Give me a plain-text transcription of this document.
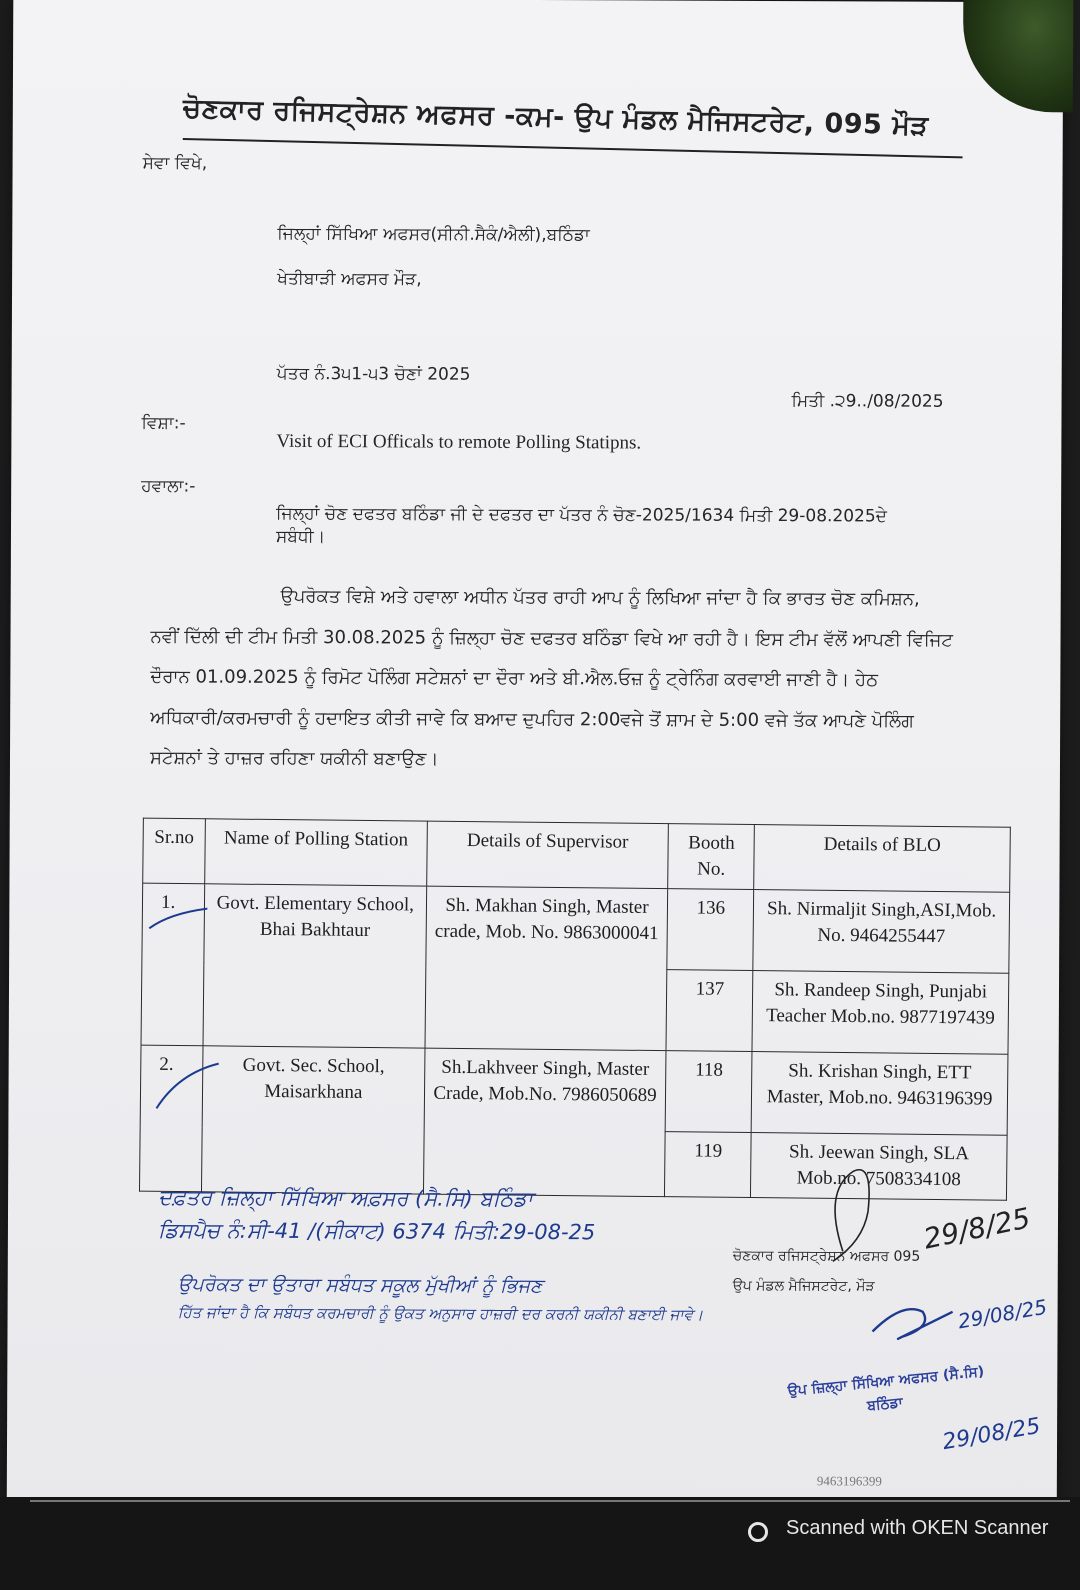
ਚੋਣਕਾਰ ਰਜਿਸਟ੍ਰੇਸ਼ਨ ਅਫਸਰ -ਕਮ- ਉਪ ਮੰਡਲ ਮੈਜਿਸਟਰੇਟ, 095 ਮੌੜ
ਸੇਵਾ ਵਿਖੇ,
ਜਿਲ੍ਹਾਂ ਸਿੱਖਿਆ ਅਫਸਰ(ਸੀਨੀ.ਸੈਕੰ/ਐਲੀ),ਬਠਿੰਡਾ
ਖੇਤੀਬਾੜੀ ਅਫਸਰ ਮੌੜ,
ਪੱਤਰ ਨੰ.3੫1-੫3 ਚੋਣਾਂ 2025
ਮਿਤੀ .੨9../08/2025
ਵਿਸ਼ਾ:-
Visit of ECI Officals to remote Polling Statipns.
ਹਵਾਲਾ:-
ਜਿਲ੍ਹਾਂ ਚੋਣ ਦਫਤਰ ਬਠਿੰਡਾ ਜੀ ਦੇ ਦਫਤਰ ਦਾ ਪੱਤਰ ਨੰ ਚੋਣ-2025/1634 ਮਿਤੀ 29-08.2025ਦੇ
ਸਬੰਧੀ।
ਉਪਰੋਕਤ ਵਿਸ਼ੇ ਅਤੇ ਹਵਾਲਾ ਅਧੀਨ ਪੱਤਰ ਰਾਹੀ ਆਪ ਨੂੰ ਲਿਖਿਆ ਜਾਂਦਾ ਹੈ ਕਿ ਭਾਰਤ ਚੋਣ ਕਮਿਸ਼ਨ,
ਨਵੀਂ ਦਿੱਲੀ ਦੀ ਟੀਮ ਮਿਤੀ 30.08.2025 ਨੂੰ ਜ਼ਿਲ੍ਹਾ ਚੋਣ ਦਫਤਰ ਬਠਿੰਡਾ ਵਿਖੇ ਆ ਰਹੀ ਹੈ। ਇਸ ਟੀਮ ਵੱਲੋਂ ਆਪਣੀ ਵਿਜਿਟ
ਦੌਰਾਨ 01.09.2025 ਨੂੰ ਰਿਮੋਟ ਪੋਲਿੰਗ ਸਟੇਸ਼ਨਾਂ ਦਾ ਦੌਰਾ ਅਤੇ ਬੀ.ਐਲ.ਓਜ਼ ਨੂੰ ਟ੍ਰੇਨਿੰਗ ਕਰਵਾਈ ਜਾਣੀ ਹੈ। ਹੇਠ
ਅਧਿਕਾਰੀ/ਕਰਮਚਾਰੀ ਨੂੰ ਹਦਾਇਤ ਕੀਤੀ ਜਾਵੇ ਕਿ ਬਆਦ ਦੁਪਹਿਰ 2:00ਵਜੇ ਤੋਂ ਸ਼ਾਮ ਦੇ 5:00 ਵਜੇ ਤੱਕ ਆਪਣੇ ਪੋਲਿੰਗ
ਸਟੇਸ਼ਨਾਂ ਤੇ ਹਾਜ਼ਰ ਰਹਿਣਾ ਯਕੀਨੀ ਬਣਾਉਣ।
Sr.no	Name of Polling Station	Details of Supervisor	Booth No.	Details of BLO
1.	Govt. Elementary School, Bhai Bakhtaur	Sh. Makhan Singh, Master crade, Mob. No. 9863000041	136	Sh. Nirmaljit Singh,ASI,Mob. No. 9464255447
			137	Sh. Randeep Singh, Punjabi Teacher Mob.no. 9877197439
2.	Govt. Sec. School, Maisarkhana	Sh.Lakhveer Singh, Master Crade, Mob.No. 7986050689	118	Sh. Krishan Singh, ETT Master, Mob.no. 9463196399
			119	Sh. Jeewan Singh, SLA Mob.no. 7508334108
ਦਫ਼ਤਰ ਜ਼ਿਲ੍ਹਾ ਸਿੱਖਿਆ ਅਫ਼ਸਰ (ਸੈ.ਸਿ) ਬਠਿੰਡਾ
ਡਿਸਪੈਚ ਨੰ:ਸੀ-41 /(ਸੀਕਾਟ) 6374 ਮਿਤੀ:29-08-25
ਉਪਰੋਕਤ ਦਾ ਉਤਾਰਾ ਸਬੰਧਤ ਸਕੂਲ ਮੁੱਖੀਆਂ ਨੂੰ ਭਿਜਣ
ਹਿੱਤ ਜਾਂਦਾ ਹੈ ਕਿ ਸਬੰਧਤ ਕਰਮਚਾਰੀ ਨੂੰ ਉਕਤ ਅਨੁਸਾਰ ਹਾਜ਼ਰੀ ਦਰ ਕਰਨੀ ਯਕੀਨੀ ਬਣਾਈ ਜਾਵੇ।
ਚੋਣਕਾਰ ਰਜਿਸਟ੍ਰੇਸ਼ਨ ਅਫਸਰ 095
ਉਪ ਮੰਡਲ ਮੈਜਿਸਟਰੇਟ, ਮੌੜ
29/8/25
29/08/25
ਉਪ ਜ਼ਿਲ੍ਹਾ ਸਿੱਖਿਆ ਅਫਸਰ (ਸੈ.ਸਿ)
ਬਠਿੰਡਾ
29/08/25
9463196399
Scanned with OKEN Scanner
